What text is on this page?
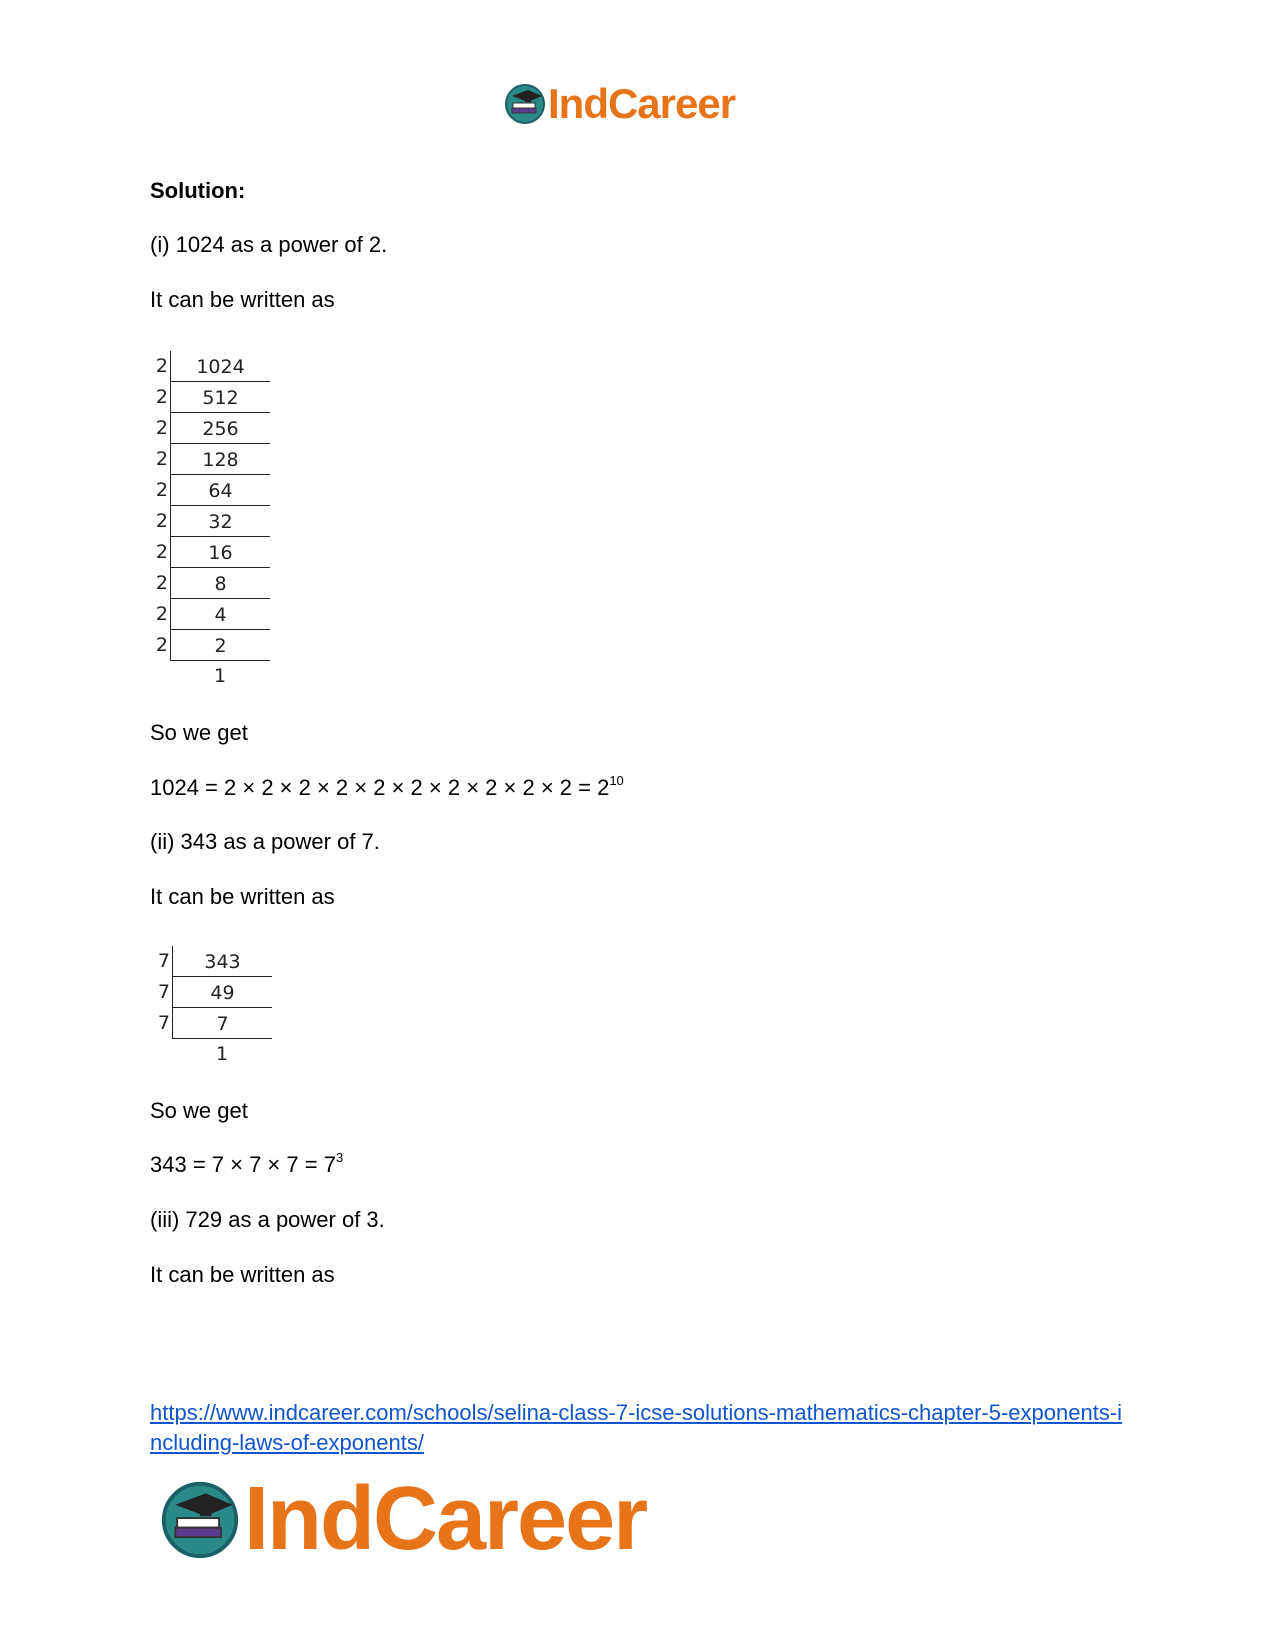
IndCareer
Solution:
(i) 1024 as a power of 2.
It can be written as
2	1024
2	512
2	256
2	128
2	64
2	32
2	16
2	8
2	4
2	2
1
So we get
$1024 = 2 \times 2 \times 2 \times 2 \times 2 \times 2 \times 2 \times 2 \times 2 \times 2 = 2^{10}$
(ii) 343 as a power of 7.
It can be written as
7	343
7	49
7	7
1
So we get
$343 = 7 \times 7 \times 7 = 7^3$
(iii) 729 as a power of 3.
It can be written as
https://www.indcareer.com/schools/selina-class-7-icse-solutions-mathematics-chapter-5-exponents-including-laws-of-exponents/
IndCareer
